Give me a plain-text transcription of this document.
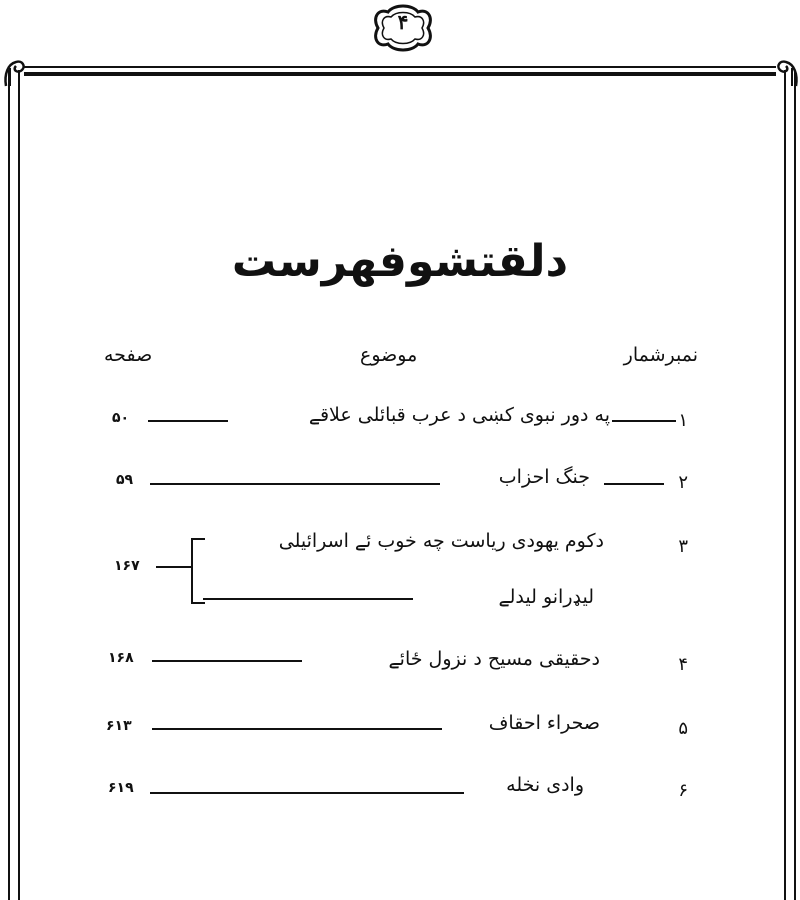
۴
دلقتشوفهرست
نمبرشمار
موضوع
صفحه
۱
په دور نبوی کښی د عرب قبائلی علاقے
۵۰
۲
جنگ احزاب
۵۹
۳
دکوم یهودی ریاست چه خوب ئے اسرائیلی
لیډرانو لیدلے
۱۶۷
۴
دحقیقی مسیح د نزول ځائے
۱۶۸
۵
صحراء احقاف
۶۱۳
۶
وادی نخله
۶۱۹
